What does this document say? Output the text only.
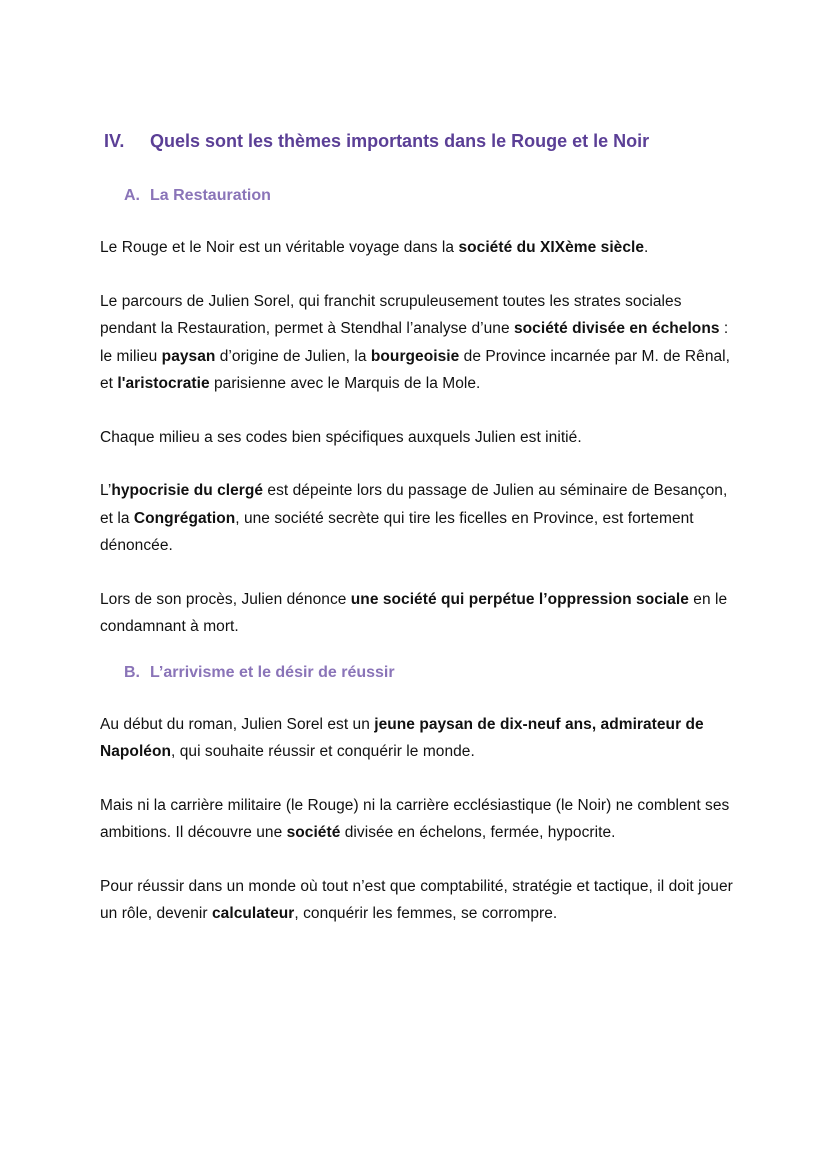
IV.	Quels sont les thèmes importants dans le Rouge et le Noir
A. La Restauration

Le Rouge et le Noir est un véritable voyage dans la société du XIXème siècle.

Le parcours de Julien Sorel, qui franchit scrupuleusement toutes les strates sociales pendant la Restauration, permet à Stendhal l’analyse d’une société divisée en échelons : le milieu paysan d’origine de Julien, la bourgeoisie de Province incarnée par M. de Rênal, et l'aristocratie parisienne avec le Marquis de la Mole.

Chaque milieu a ses codes bien spécifiques auxquels Julien est initié.

L’hypocrisie du clergé est dépeinte lors du passage de Julien au séminaire de Besançon, et la Congrégation, une société secrète qui tire les ficelles en Province, est fortement dénoncée.

Lors de son procès, Julien dénonce une société qui perpétue l’oppression sociale en le condamnant à mort.

B. L’arrivisme et le désir de réussir

Au début du roman, Julien Sorel est un jeune paysan de dix-neuf ans, admirateur de Napoléon, qui souhaite réussir et conquérir le monde.

Mais ni la carrière militaire (le Rouge) ni la carrière ecclésiastique (le Noir) ne comblent ses ambitions. Il découvre une société divisée en échelons, fermée, hypocrite.

Pour réussir dans un monde où tout n’est que comptabilité, stratégie et tactique, il doit jouer un rôle, devenir calculateur, conquérir les femmes, se corrompre.
